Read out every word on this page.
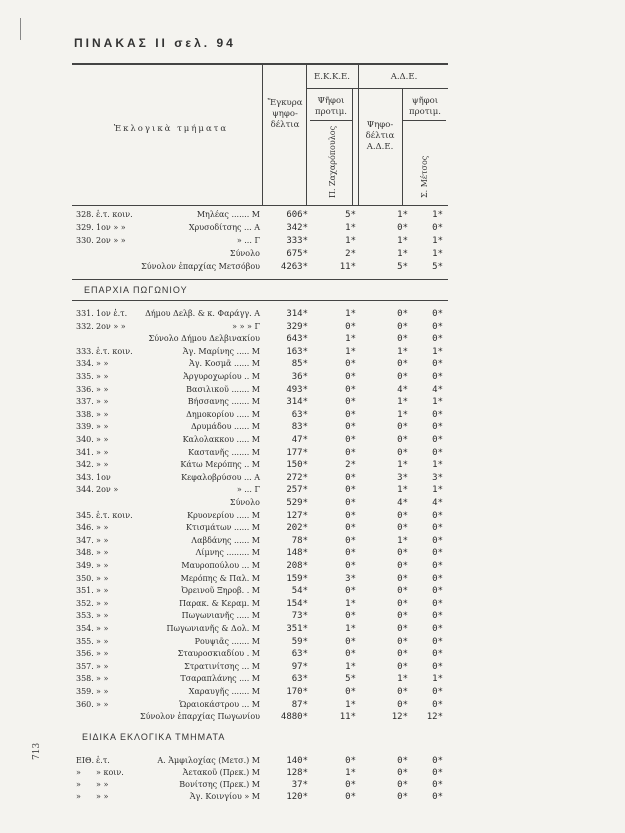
ΠΙΝΑΚΑΣ ΙΙ σελ. 94
Ἐκλογικὰ τμήματα
Ἔγκυρα ψηφο-δέλτια
Ε.Κ.Κ.Ε.	Α.Δ.Ε.
Ψῆφοι προτιμ.
Ψηφο-δέλτια Α.Δ.Ε.
ψῆφοι προτιμ.
Π. Ζαχαρόπουλος	Σ. Μέτσος
328. ἑ.τ. κοιν.	Μηλέας ....... Μ	606*	5*	1*	1*
329. 1ον » »	Χρυσοδίτσης ... Α	342*	1*	0*	0*
330. 2ον » »	» ... Γ	333*	1*	1*	1*
Σύνολο	675*	2*	1*	1*
Σύνολον ἐπαρχίας Μετσόβου	4263*	11*	5*	5*
ΕΠΑΡΧΙΑ ΠΩΓΩΝΙΟΥ
331. 1ον ἑ.τ.	Δήμου Δελβ. & κ. Φαράγγ. Α	314*	1*	0*	0*
332. 2ον » »	» » » Γ	329*	0*	0*	0*
Σύνολο Δήμου Δελβινακίου	643*	1*	0*	0*
333. ἑ.τ. κοιν.	Ἁγ. Μαρίνης ..... Μ	163*	1*	1*	1*
334. » »	Ἁγ. Κοσμᾶ ...... Μ	85*	0*	0*	0*
335. » »	Ἀργυροχωρίου .. Μ	36*	0*	0*	0*
336. » »	Βασιλικοῦ ....... Μ	493*	0*	4*	4*
337. » »	Βήσσανης ....... Μ	314*	0*	1*	1*
338. » »	Δημοκορίου ..... Μ	63*	0*	1*	0*
339. » »	Δρυμάδου ...... Μ	83*	0*	0*	0*
340. » »	Καλολακκου ..... Μ	47*	0*	0*	0*
341. » »	Καστανῆς ....... Μ	177*	0*	0*	0*
342. » »	Κάτω Μερόπης .. Μ	150*	2*	1*	1*
343. 1ον	Κεφαλοβρύσου ... Α	272*	0*	3*	3*
344. 2ον »	» ... Γ	257*	0*	1*	1*
Σύνολο	529*	0*	4*	4*
345. ἑ.τ. κοιν.	Κρυονερίου ..... Μ	127*	0*	0*	0*
346. » »	Κτισμάτων ...... Μ	202*	0*	0*	0*
347. » »	Λαβδάνης ...... Μ	78*	0*	1*	0*
348. » »	Λίμνης ......... Μ	148*	0*	0*	0*
349. » »	Μαυροπούλου ... Μ	208*	0*	0*	0*
350. » »	Μερόπης & Παλ. Μ	159*	3*	0*	0*
351. » »	Ὀρεινοῦ Ξηροβ. . Μ	54*	0*	0*	0*
352. » »	Παρακ. & Κεραμ. Μ	154*	1*	0*	0*
353. » »	Πωγωνιανῆς ..... Μ	73*	0*	0*	0*
354. » »	Πωγωνιανῆς & Δολ. Μ	351*	1*	0*	0*
355. » »	Ρουψιᾶς ....... Μ	59*	0*	0*	0*
356. » »	Σταυροσκιαδίου . Μ	63*	0*	0*	0*
357. » »	Στρατινίτσης ... Μ	97*	1*	0*	0*
358. » »	Τσαραπλάνης .... Μ	63*	5*	1*	1*
359. » »	Χαραυγῆς ....... Μ	170*	0*	0*	0*
360. » »	Ὡραιοκάστρου ... Μ	87*	1*	0*	0*
Σύνολον ἐπαρχίας Πωγωνίου	4880*	11*	12*	12*
ΕΙΔΙΚΑ ΕΚΛΟΓΙΚΑ ΤΜΗΜΑΤΑ
ΕΙΘ. ἑ.τ.	Α. Ἀμφιλοχίας (Μετσ.) Μ	140*	0*	0*	0*
» » κοιν.	Ἀετακοῦ (Πρεκ.) Μ	128*	1*	0*	0*
» » »	Βονίτσης (Πρεκ.) Μ	37*	0*	0*	0*
» » »	Ἁγ. Κοινγίου » Μ	120*	0*	0*	0*
713
